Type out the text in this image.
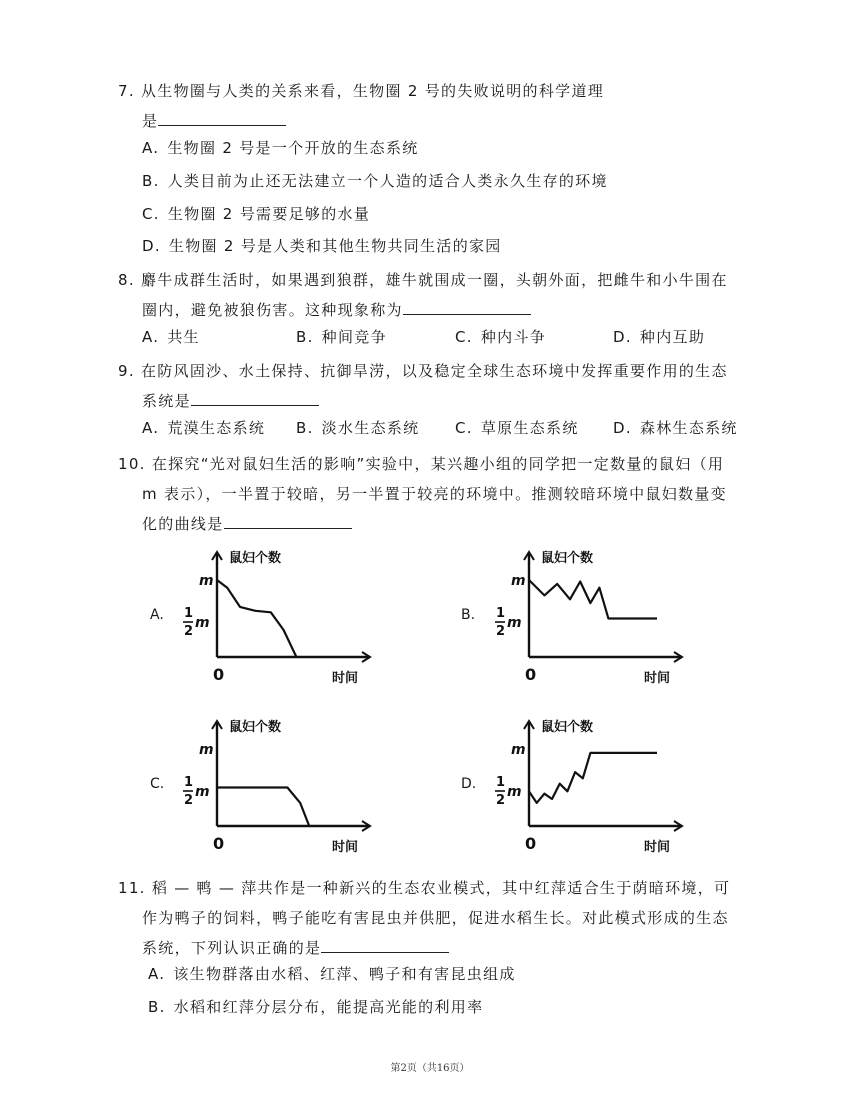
7. 从生物圈与人类的关系来看，生物圈 2 号的失败说明的科学道理
是
A. 生物圈 2 号是一个开放的生态系统
B. 人类目前为止还无法建立一个人造的适合人类永久生存的环境
C. 生物圈 2 号需要足够的水量
D. 生物圈 2 号是人类和其他生物共同生活的家园
8. 麝牛成群生活时，如果遇到狼群，雄牛就围成一圈，头朝外面，把雌牛和小牛围在
圈内，避免被狼伤害。这种现象称为
A. 共生	B. 种间竞争	C. 种内斗争	D. 种内互助
9. 在防风固沙、水土保持、抗御旱涝，以及稳定全球生态环境中发挥重要作用的生态
系统是
A. 荒漠生态系统 B. 淡水生态系统 C. 草原生态系统 D. 森林生态系统
10. 在探究“光对鼠妇生活的影响”实验中，某兴趣小组的同学把一定数量的鼠妇（用
m 表示），一半置于较暗，另一半置于较亮的环境中。推测较暗环境中鼠妇数量变
化的曲线是
A.
鼠妇个数
时间
0
m
1
2
m	B.
鼠妇个数
时间
0
m
1
2
m
C.
鼠妇个数
时间
0
m
1
2
m	D.
鼠妇个数
时间
0
m
1
2
m
11. 稻 — 鸭 — 萍共作是一种新兴的生态农业模式，其中红萍适合生于荫暗环境，可
作为鸭子的饲料，鸭子能吃有害昆虫并供肥，促进水稻生长。对此模式形成的生态
系统，下列认识正确的是
A. 该生物群落由水稻、红萍、鸭子和有害昆虫组成
B. 水稻和红萍分层分布，能提高光能的利用率
第2页（共16页）
